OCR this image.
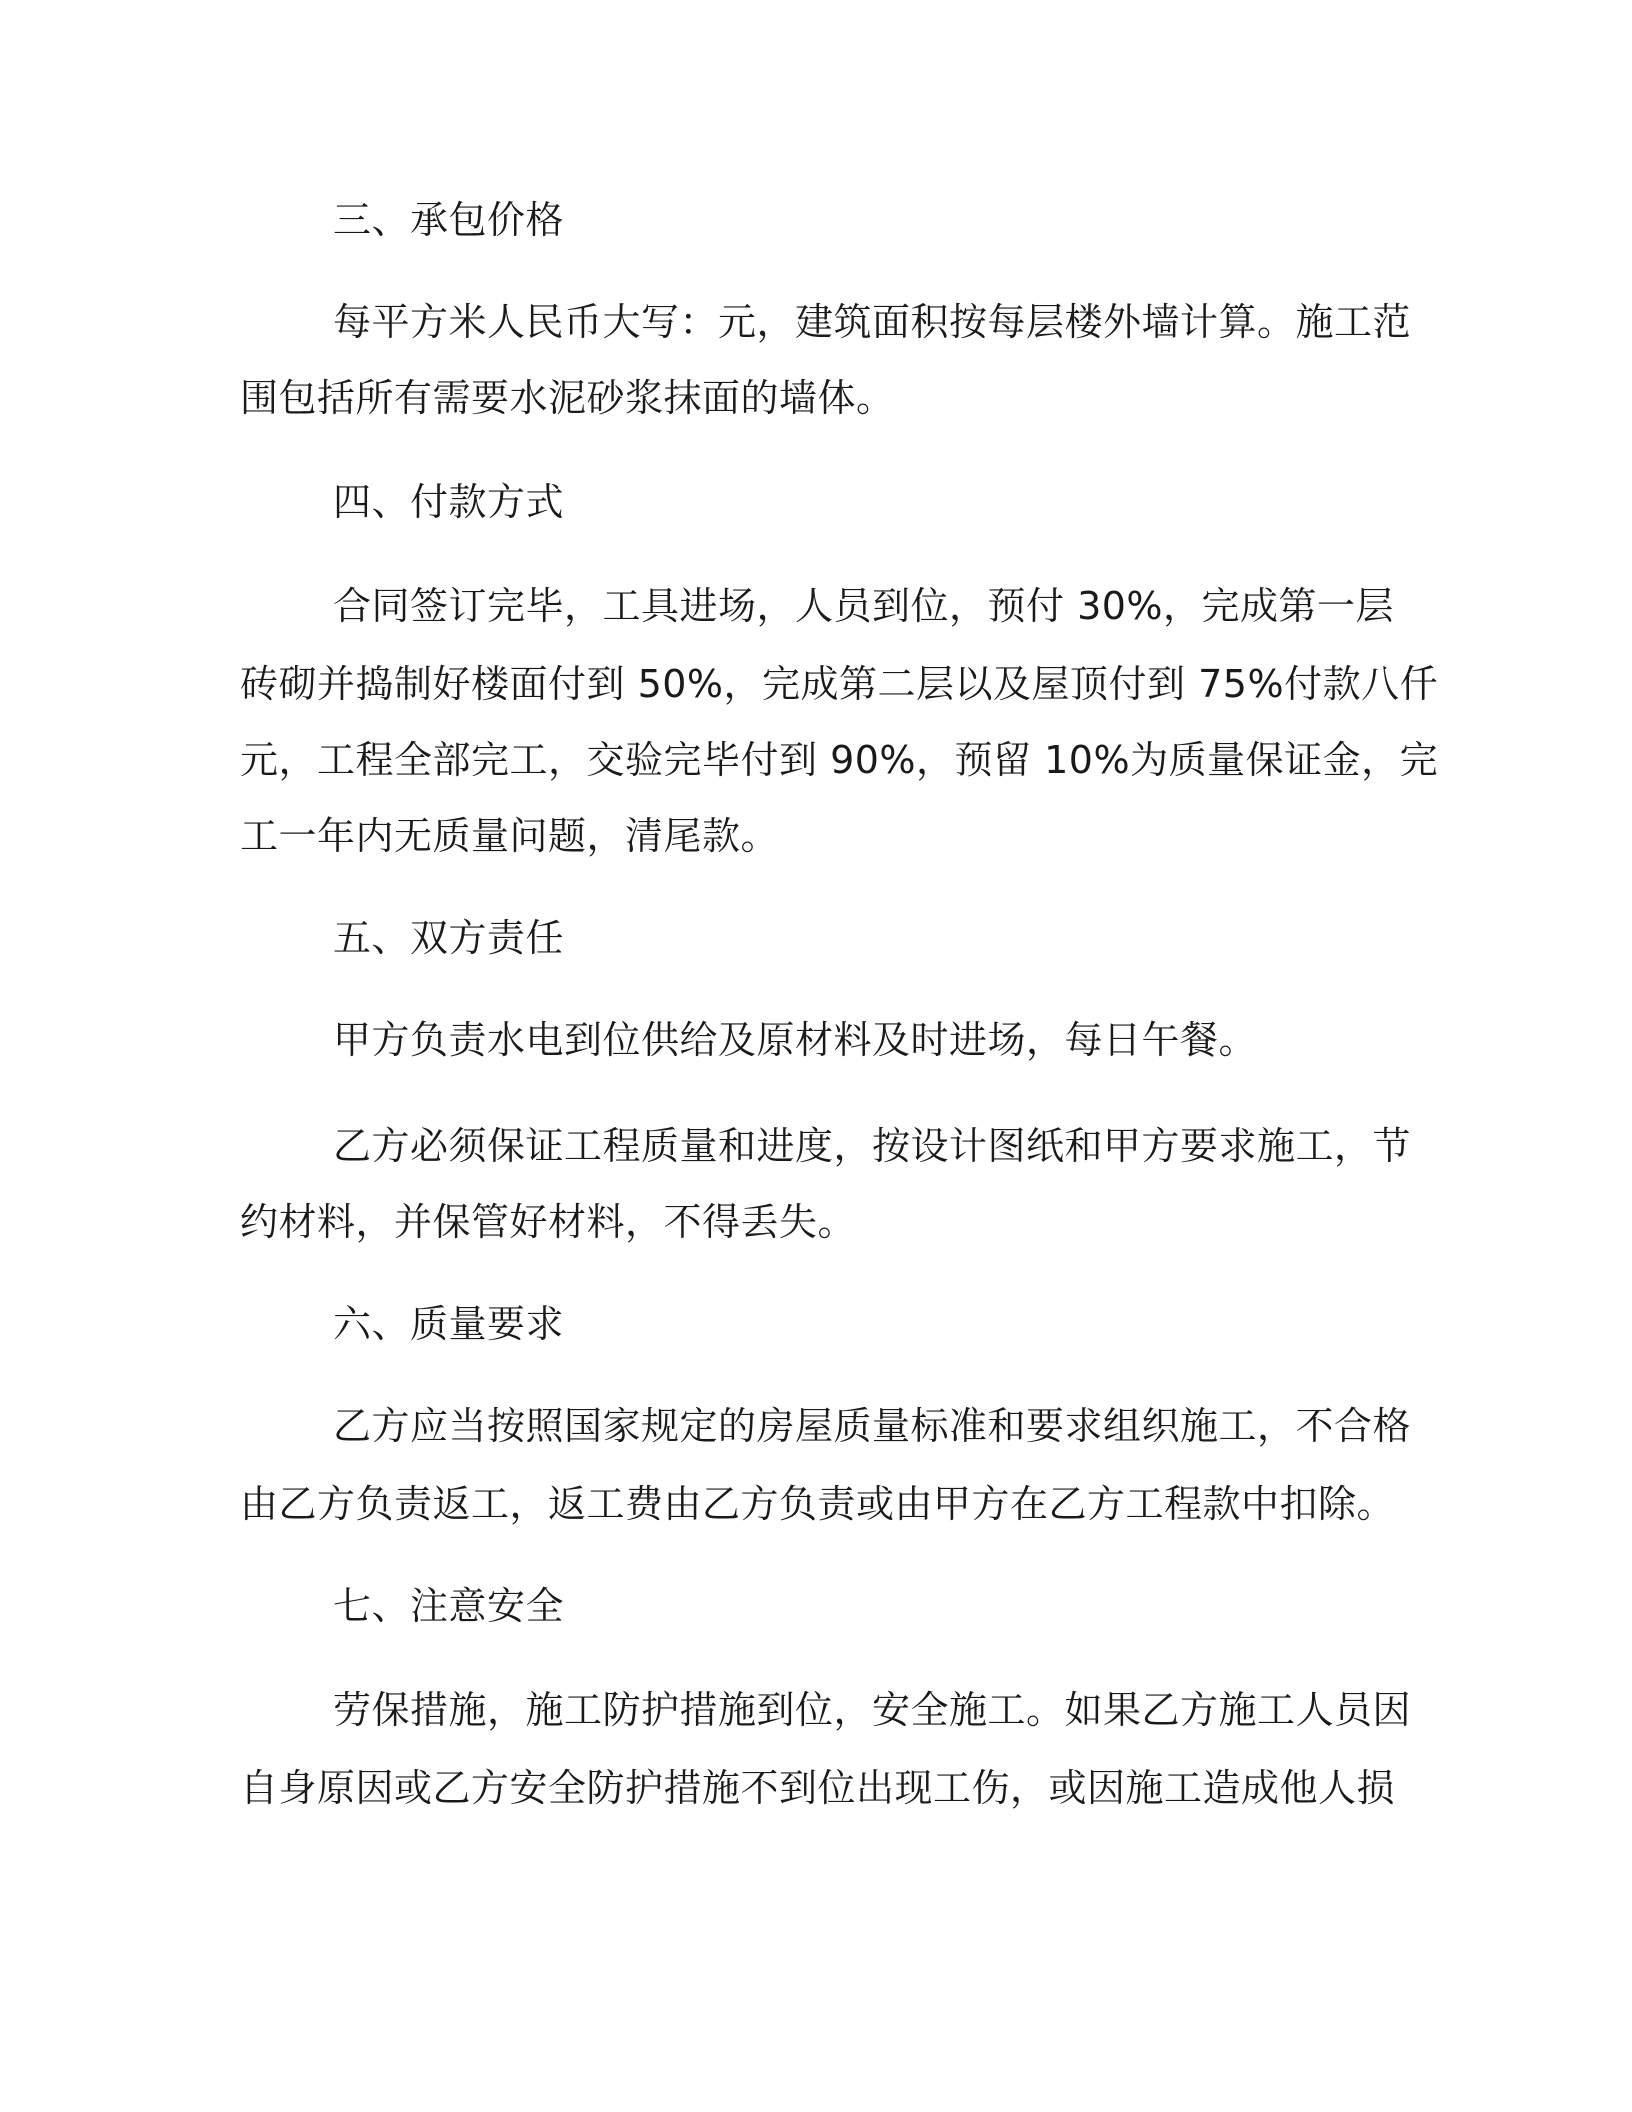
三、承包价格
每平方米人民币大写：元，建筑面积按每层楼外墙计算。施工范
围包括所有需要水泥砂浆抹面的墙体。
四、付款方式
合同签订完毕，工具进场，人员到位，预付 30%，完成第一层
砖砌并捣制好楼面付到 50%，完成第二层以及屋顶付到 75%付款八仟
元，工程全部完工，交验完毕付到 90%，预留 10%为质量保证金，完
工一年内无质量问题，清尾款。
五、双方责任
甲方负责水电到位供给及原材料及时进场，每日午餐。
乙方必须保证工程质量和进度，按设计图纸和甲方要求施工，节
约材料，并保管好材料，不得丢失。
六、质量要求
乙方应当按照国家规定的房屋质量标准和要求组织施工，不合格
由乙方负责返工，返工费由乙方负责或由甲方在乙方工程款中扣除。
七、注意安全
劳保措施，施工防护措施到位，安全施工。如果乙方施工人员因
自身原因或乙方安全防护措施不到位出现工伤，或因施工造成他人损
